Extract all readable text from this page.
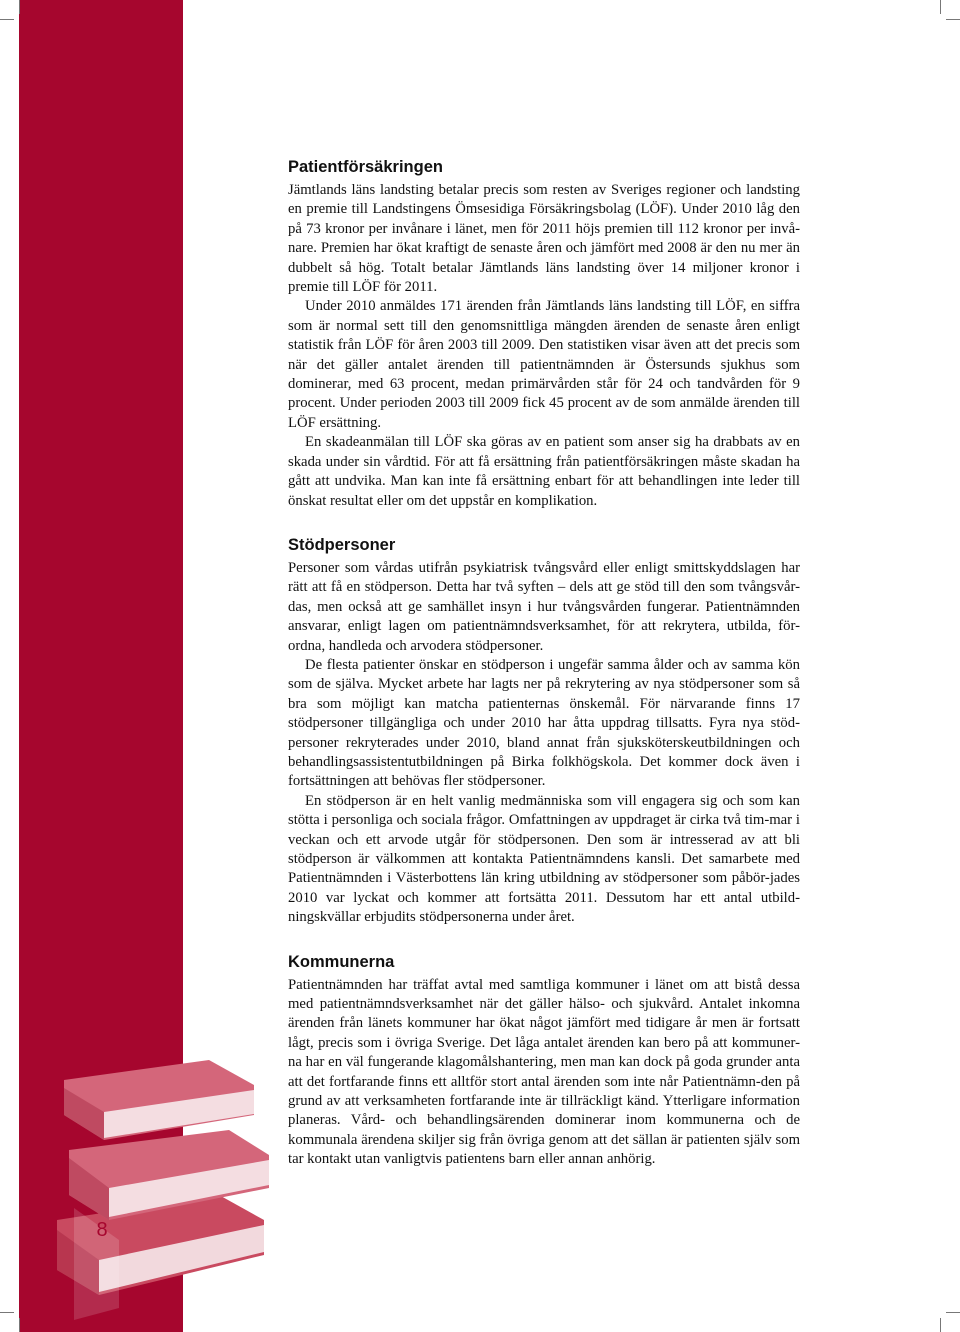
8
Patientförsäkringen

Jämtlands läns landsting betalar precis som resten av Sveriges regioner och landsting en premie till Landstingens Ömsesidiga Försäkringsbolag (LÖF). Under 2010 låg den på 73 kronor per invånare i länet, men för 2011 höjs premien till 112 kronor per invå-nare. Premien har ökat kraftigt de senaste åren och jämfört med 2008 är den nu mer än dubbelt så hög. Totalt betalar Jämtlands läns landsting över 14 miljoner kronor i premie till LÖF för 2011.

Under 2010 anmäldes 171 ärenden från Jämtlands läns landsting till LÖF, en siffra som är normal sett till den genomsnittliga mängden ärenden de senaste åren enligt statistik från LÖF för åren 2003 till 2009. Den statistiken visar även att det precis som när det gäller antalet ärenden till patientnämnden är Östersunds sjukhus som dominerar, med 63 procent, medan primärvården står för 24 och tandvården för 9 procent. Under perioden 2003 till 2009 fick 45 procent av de som anmälde ärenden till LÖF ersättning.

En skadeanmälan till LÖF ska göras av en patient som anser sig ha drabbats av en skada under sin vårdtid. För att få ersättning från patientförsäkringen måste skadan ha gått att undvika. Man kan inte få ersättning enbart för att behandlingen inte leder till önskat resultat eller om det uppstår en komplikation.

Stödpersoner

Personer som vårdas utifrån psykiatrisk tvångsvård eller enligt smittskyddslagen har rätt att få en stödperson. Detta har två syften – dels att ge stöd till den som tvångsvår-das, men också att ge samhället insyn i hur tvångsvården fungerar. Patientnämnden ansvarar, enligt lagen om patientnämndsverksamhet, för att rekrytera, utbilda, för-ordna, handleda och arvodera stödpersoner.

De flesta patienter önskar en stödperson i ungefär samma ålder och av samma kön som de själva. Mycket arbete har lagts ner på rekrytering av nya stödpersoner som så bra som möjligt kan matcha patienternas önskemål. För närvarande finns 17 stödpersoner tillgängliga och under 2010 har åtta uppdrag tillsatts. Fyra nya stöd-personer rekryterades under 2010, bland annat från sjuksköterskeutbildningen och behandlingsassistentutbildningen på Birka folkhögskola. Det kommer dock även i fortsättningen att behövas fler stödpersoner.

En stödperson är en helt vanlig medmänniska som vill engagera sig och som kan stötta i personliga och sociala frågor. Omfattningen av uppdraget är cirka två tim-mar i veckan och ett arvode utgår för stödpersonen. Den som är intresserad av att bli stödperson är välkommen att kontakta Patientnämndens kansli. Det samarbete med Patientnämnden i Västerbottens län kring utbildning av stödpersoner som påbör-jades 2010 var lyckat och kommer att fortsätta 2011. Dessutom har ett antal utbild-ningskvällar erbjudits stödpersonerna under året.

Kommunerna

Patientnämnden har träffat avtal med samtliga kommuner i länet om att bistå dessa med patientnämndsverksamhet när det gäller hälso- och sjukvård. Antalet inkomna ärenden från länets kommuner har ökat något jämfört med tidigare år men är fortsatt lågt, precis som i övriga Sverige. Det låga antalet ärenden kan bero på att kommuner-na har en väl fungerande klagomålshantering, men man kan dock på goda grunder anta att det fortfarande finns ett alltför stort antal ärenden som inte når Patientnämn-den på grund av att verksamheten fortfarande inte är tillräckligt känd. Ytterligare information planeras. Vård- och behandlingsärenden dominerar inom kommunerna och de kommunala ärendena skiljer sig från övriga genom att det sällan är patienten själv som tar kontakt utan vanligtvis patientens barn eller annan anhörig.
